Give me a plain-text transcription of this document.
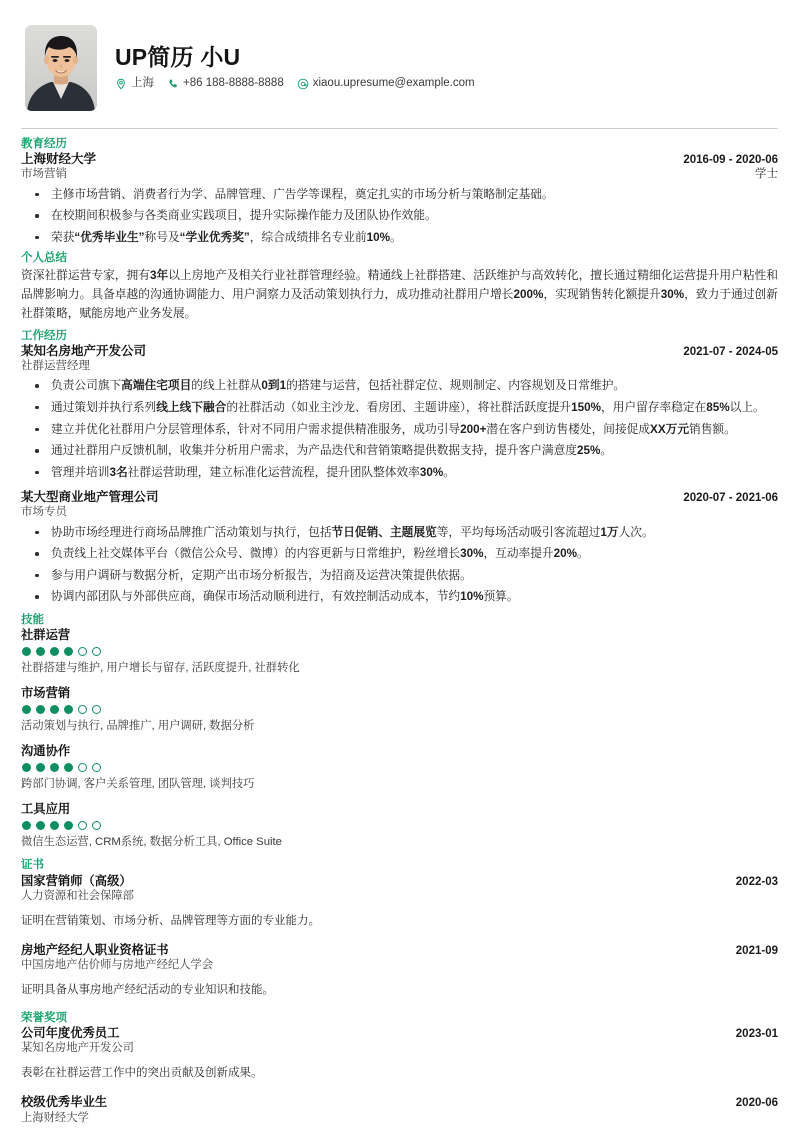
UP简历 小U
上海	+86 188-8888-8888	xiaou.upresume@example.com
教育经历
上海财经大学	2016-09 - 2020-06
市场营销	学士
主修市场营销、消费者行为学、品牌管理、广告学等课程，奠定扎实的市场分析与策略制定基础。
在校期间积极参与各类商业实践项目，提升实际操作能力及团队协作效能。
荣获“优秀毕业生”称号及“学业优秀奖”，综合成绩排名专业前10%。
个人总结

资深社群运营专家，拥有3年以上房地产及相关行业社群管理经验。精通线上社群搭建、活跃维护与高效转化，擅长通过精细化运营提升用户粘性和品牌影响力。具备卓越的沟通协调能力、用户洞察力及活动策划执行力，成功推动社群用户增长200%，实现销售转化额提升30%，致力于通过创新社群策略，赋能房地产业务发展。

工作经历
某知名房地产开发公司	2021-07 - 2024-05
社群运营经理
负责公司旗下高端住宅项目的线上社群从0到1的搭建与运营，包括社群定位、规则制定、内容规划及日常维护。
通过策划并执行系列线上线下融合的社群活动（如业主沙龙、看房团、主题讲座），将社群活跃度提升150%，用户留存率稳定在85%以上。
建立并优化社群用户分层管理体系，针对不同用户需求提供精准服务，成功引导200+潜在客户到访售楼处，间接促成XX万元销售额。
通过社群用户反馈机制，收集并分析用户需求，为产品迭代和营销策略提供数据支持，提升客户满意度25%。
管理并培训3名社群运营助理，建立标准化运营流程，提升团队整体效率30%。
某大型商业地产管理公司	2020-07 - 2021-06
市场专员
协助市场经理进行商场品牌推广活动策划与执行，包括节日促销、主题展览等，平均每场活动吸引客流超过1万人次。
负责线上社交媒体平台（微信公众号、微博）的内容更新与日常维护，粉丝增长30%，互动率提升20%。
参与用户调研与数据分析，定期产出市场分析报告，为招商及运营决策提供依据。
协调内部团队与外部供应商，确保市场活动顺利进行，有效控制活动成本，节约10%预算。
技能
社群运营
社群搭建与维护, 用户增长与留存, 活跃度提升, 社群转化
市场营销
活动策划与执行, 品牌推广, 用户调研, 数据分析
沟通协作
跨部门协调, 客户关系管理, 团队管理, 谈判技巧
工具应用
微信生态运营, CRM系统, 数据分析工具, Office Suite
证书
国家营销师（高级）	2022-03
人力资源和社会保障部
证明在营销策划、市场分析、品牌管理等方面的专业能力。
房地产经纪人职业资格证书	2021-09
中国房地产估价师与房地产经纪人学会
证明具备从事房地产经纪活动的专业知识和技能。
荣誉奖项
公司年度优秀员工	2023-01
某知名房地产开发公司
表彰在社群运营工作中的突出贡献及创新成果。
校级优秀毕业生	2020-06
上海财经大学
